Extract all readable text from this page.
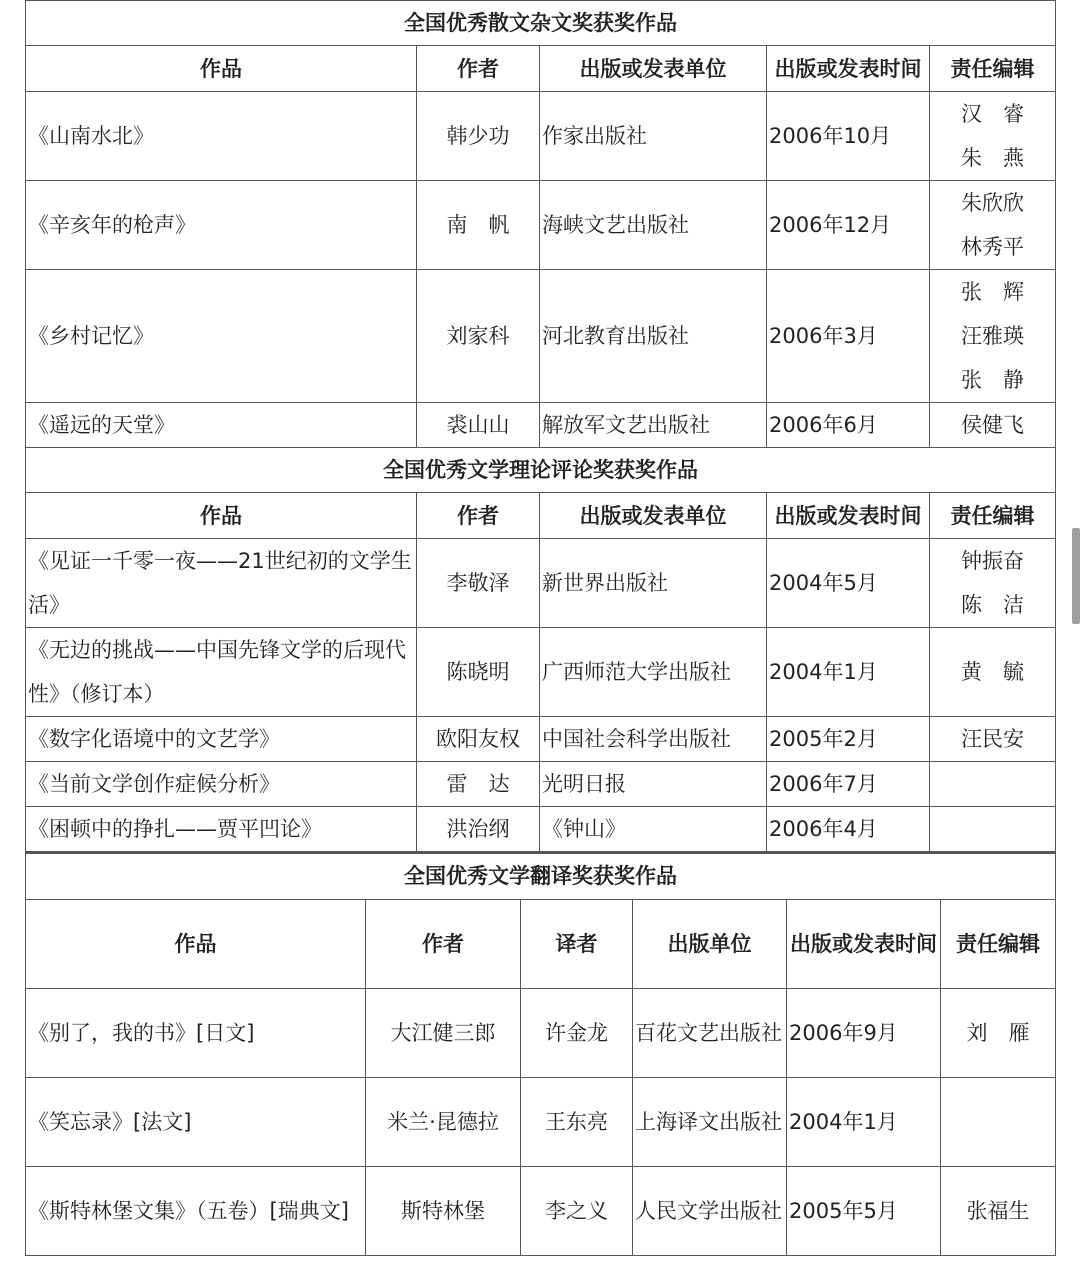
全国优秀散文杂文奖获奖作品				
作品	作者	出版或发表单位	出版或发表时间	责任编辑
《山南水北》	韩少功	作家出版社	2006年10月	汉　睿
朱　燕

《辛亥年的枪声》	南　帆	海峡文艺出版社	2006年12月	朱欣欣
林秀平

《乡村记忆》	刘家科	河北教育出版社	2006年3月	张　辉
汪雅瑛
张　静

《遥远的天堂》	裘山山	解放军文艺出版社	2006年6月	侯健飞
全国优秀文学理论评论奖获奖作品				
作品	作者	出版或发表单位	出版或发表时间	责任编辑
《见证一千零一夜——21世纪初的文学生活》	李敬泽	新世界出版社	2004年5月	钟振奋
陈　洁

《无边的挑战——中国先锋文学的后现代性》（修订本）	陈晓明	广西师范大学出版社	2004年1月	黄　毓
《数字化语境中的文艺学》	欧阳友权	中国社会科学出版社	2005年2月	汪民安
《当前文学创作症候分析》	雷　达	光明日报	2006年7月	
《困顿中的挣扎——贾平凹论》	洪治纲	《钟山》	2006年4月	
全国优秀文学翻译奖获奖作品					
作品	作者	译者	出版单位	出版或发表时间	责任编辑
《别了，我的书》[日文]	大江健三郎	许金龙	百花文艺出版社	2006年9月	刘　雁
《笑忘录》[法文]	米兰·昆德拉	王东亮	上海译文出版社	2004年1月	
《斯特林堡文集》（五卷）[瑞典文]	斯特林堡	李之义	人民文学出版社	2005年5月	张福生
